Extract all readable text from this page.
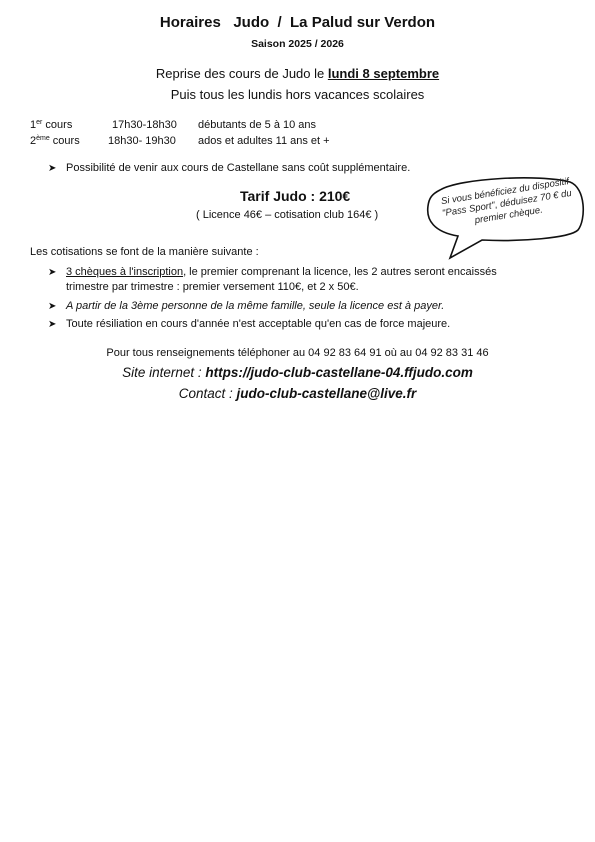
Horaires Judo / La Palud sur Verdon
Saison 2025 / 2026
Reprise des cours de Judo le lundi 8 septembre
Puis tous les lundis hors vacances scolaires
1er cours	17h30-18h30 débutants de 5 à 10 ans
2ème cours	18h30- 19h30 ados et adultes 11 ans et +
➤ Possibilité de venir aux cours de Castellane sans coût supplémentaire.
Tarif Judo : 210€
( Licence 46€ – cotisation club 164€ )
Si vous bénéficiez du dispositif "Pass Sport", déduisez 70 € du premier chèque.
Les cotisations se font de la manière suivante :
➤ 3 chèques à l'inscription, le premier comprenant la licence, les 2 autres seront encaissés
trimestre par trimestre : premier versement 110€, et 2 x 50€.
➤ A partir de la 3ème personne de la même famille, seule la licence est à payer.
➤ Toute résiliation en cours d'année n'est acceptable qu'en cas de force majeure.
Pour tous renseignements téléphoner au 04 92 83 64 91 où au 04 92 83 31 46
Site internet : https://judo-club-castellane-04.ffjudo.com
Contact : judo-club-castellane@live.fr
